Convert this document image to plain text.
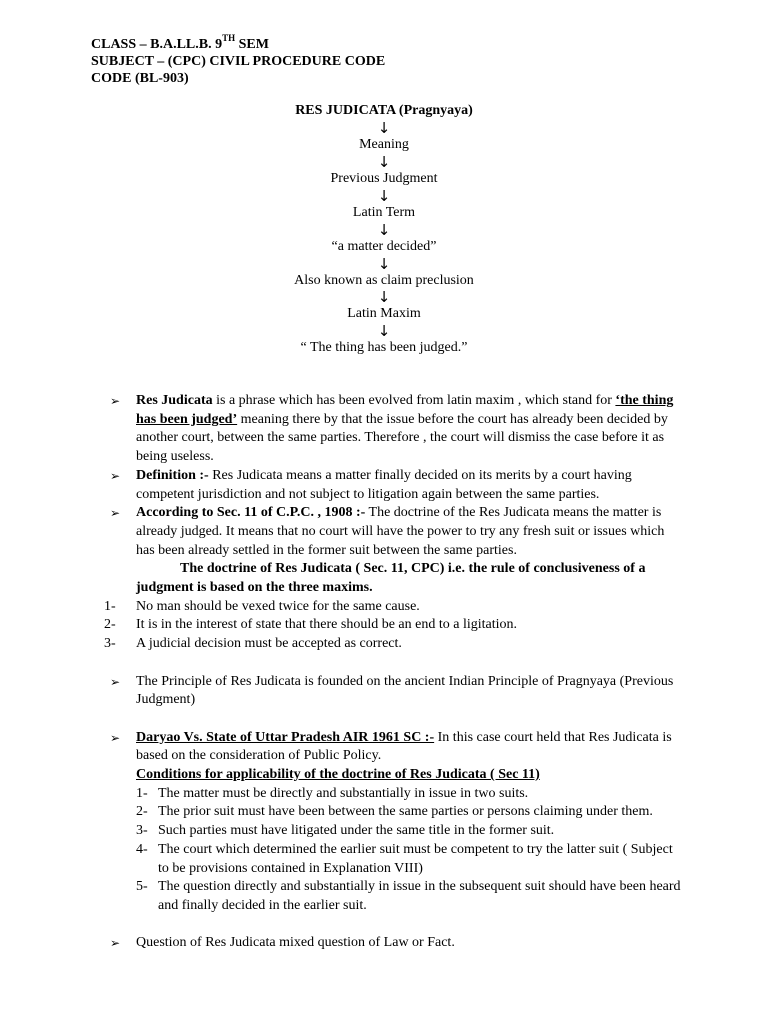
CLASS – B.A.LL.B. 9TH SEM
SUBJECT – (CPC) CIVIL PROCEDURE CODE
CODE (BL-903)
RES JUDICATA (Pragnyaya)
↓
Meaning
↓
Previous Judgment
↓
Latin Term
↓
“a matter decided”
↓
Also known as claim preclusion
↓
Latin Maxim
↓
“ The thing has been judged.”
➢ Res Judicata is a phrase which has been evolved from latin maxim , which stand for ‘the thing has been judged’ meaning there by that the issue before the court has already been decided by another court, between the same parties. Therefore , the court will dismiss the case before it as being useless.
➢ Definition :- Res Judicata means a matter finally decided on its merits by a court having competent jurisdiction and not subject to litigation again between the same parties.
➢ According to Sec. 11 of C.P.C. , 1908 :- The doctrine of the Res Judicata means the matter is already judged. It means that no court will have the power to try any fresh suit or issues which has been already settled in the former suit between the same parties.
The doctrine of Res Judicata ( Sec. 11, CPC) i.e. the rule of conclusiveness of a judgment is based on the three maxims.
1- No man should be vexed twice for the same cause.
2- It is in the interest of state that there should be an end to a ligitation.
3- A judicial decision must be accepted as correct.
➢ The Principle of Res Judicata is founded on the ancient Indian Principle of Pragnyaya (Previous Judgment)
➢ Daryao Vs. State of Uttar Pradesh AIR 1961 SC :- In this case court held that Res Judicata is based on the consideration of Public Policy.
Conditions for applicability of the doctrine of Res Judicata ( Sec 11)
1- The matter must be directly and substantially in issue in two suits.
2- The prior suit must have been between the same parties or persons claiming under them.
3- Such parties must have litigated under the same title in the former suit.
4- The court which determined the earlier suit must be competent to try the latter suit ( Subject to be provisions contained in Explanation VIII)
5- The question directly and substantially in issue in the subsequent suit should have been heard and finally decided in the earlier suit.
➢ Question of Res Judicata mixed question of Law or Fact.
